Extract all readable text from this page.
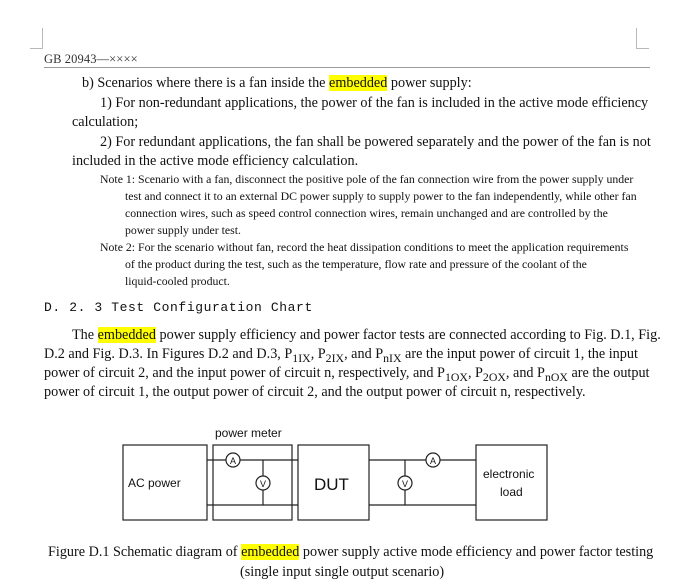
GB 20943—××××
b) Scenarios where there is a fan inside the embedded power supply:
1) For non-redundant applications, the power of the fan is included in the active mode efficiency
calculation;
2) For redundant applications, the fan shall be powered separately and the power of the fan is not
included in the active mode efficiency calculation.
Note 1: Scenario with a fan, disconnect the positive pole of the fan connection wire from the power supply under
test and connect it to an external DC power supply to supply power to the fan independently, while other fan
connection wires, such as speed control connection wires, remain unchanged and are controlled by the
power supply under test.
Note 2: For the scenario without fan, record the heat dissipation conditions to meet the application requirements
of the product during the test, such as the temperature, flow rate and pressure of the coolant of the
liquid-cooled product.
D. 2. 3 Test Configuration Chart
The embedded power supply efficiency and power factor tests are connected according to Fig. D.1, Fig.
D.2 and Fig. D.3. In Figures D.2 and D.3, $P_{1IX}$, $P_{2IX}$, and $P_{nIX}$ are the input power of circuit 1, the input
power of circuit 2, and the input power of circuit n, respectively, and $P_{1OX}$, $P_{2OX}$, and $P_{nOX}$ are the output
power of circuit 1, the output power of circuit 2, and the output power of circuit n, respectively.
power meter
AC power	DUT
electronic
load
A
V	V
A
Figure D.1 Schematic diagram of embedded power supply active mode efficiency and power factor testing
(single input single output scenario)
